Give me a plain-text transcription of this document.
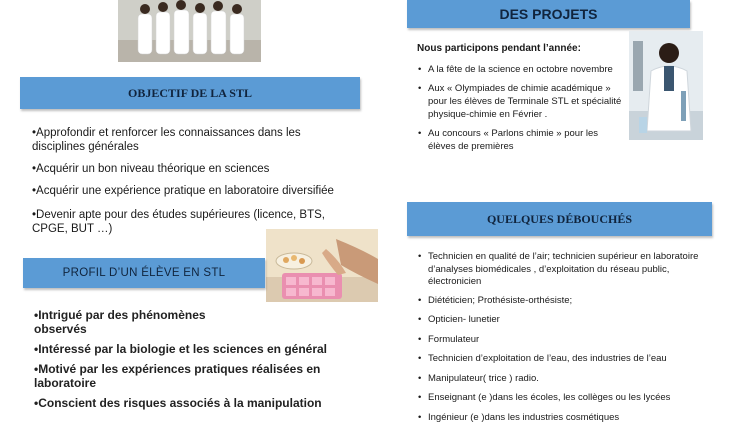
OBJECTIF DE LA STL
•Approfondir et renforcer les connaissances dans les disciplines générales
•Acquérir un bon niveau théorique en sciences
•Acquérir une expérience pratique en laboratoire diversifiée
•Devenir apte pour des études supérieures (licence, BTS, CPGE, BUT …)
PROFIL D’UN ÉLÈVE EN STL
•Intrigué par des phénomènes observés
•Intéressé par la biologie et les sciences en général
•Motivé par les expériences pratiques réalisées en laboratoire
•Conscient des risques associés à la manipulation
DES PROJETS
Nous participons pendant l’année:
• A la fête de la science en octobre novembre
• Aux « Olympiades de chimie académique » pour les élèves de Terminale STL et spécialité physique-chimie en Février .
• Au concours « Parlons chimie » pour les élèves de premières
QUELQUES DÉBOUCHÉS
• Technicien en qualité de l’air; technicien supérieur en laboratoire d’analyses biomédicales , d’exploitation du réseau public, électronicien
• Diététicien; Prothésiste-orthésiste;
• Opticien- lunetier
• Formulateur
• Technicien d’exploitation de l’eau, des industries de l’eau
• Manipulateur( trice ) radio.
• Enseignant (e )dans les écoles, les collèges ou les lycées
• Ingénieur (e )dans les industries cosmétiques
